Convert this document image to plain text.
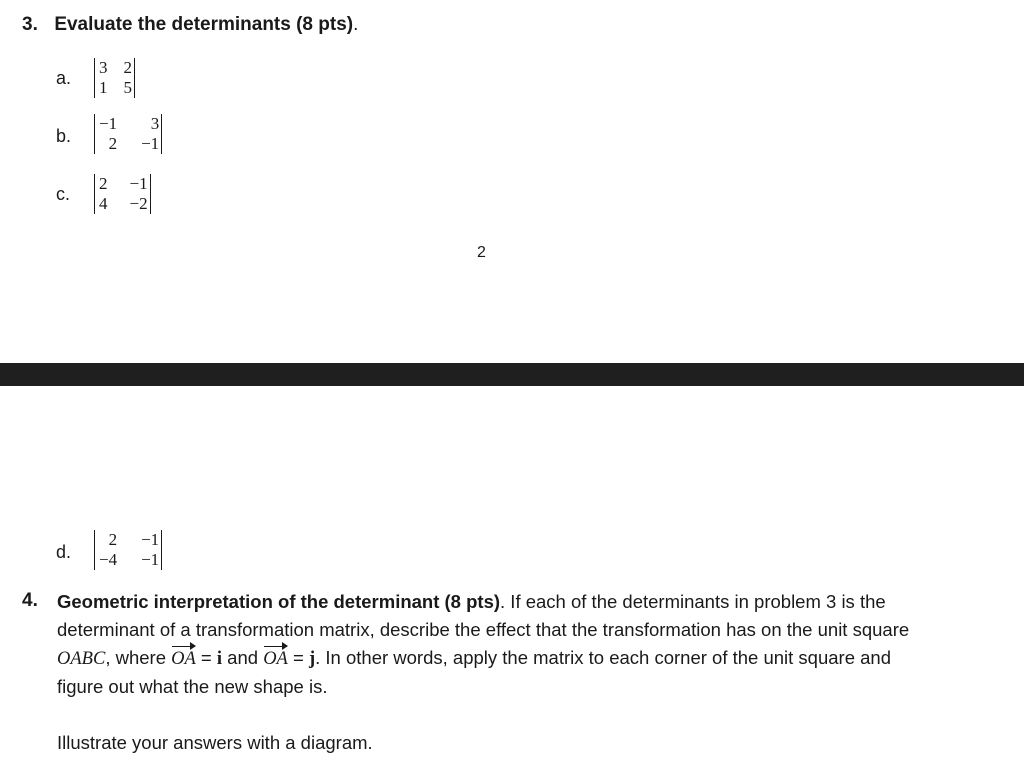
3. Evaluate the determinants (8 pts).
a.
3	2
1	5
b.
−1	3
2	−1
c.
2	−1
4	−2
2
d.
2	−1
−4	−1
4. Geometric interpretation of the determinant (8 pts). If each of the determinants in problem 3 is the determinant of a transformation matrix, describe the effect that the transformation has on the unit square OABC, where OA = i and OA = j. In other words, apply the matrix to each corner of the unit square and figure out what the new shape is.
Illustrate your answers with a diagram.
